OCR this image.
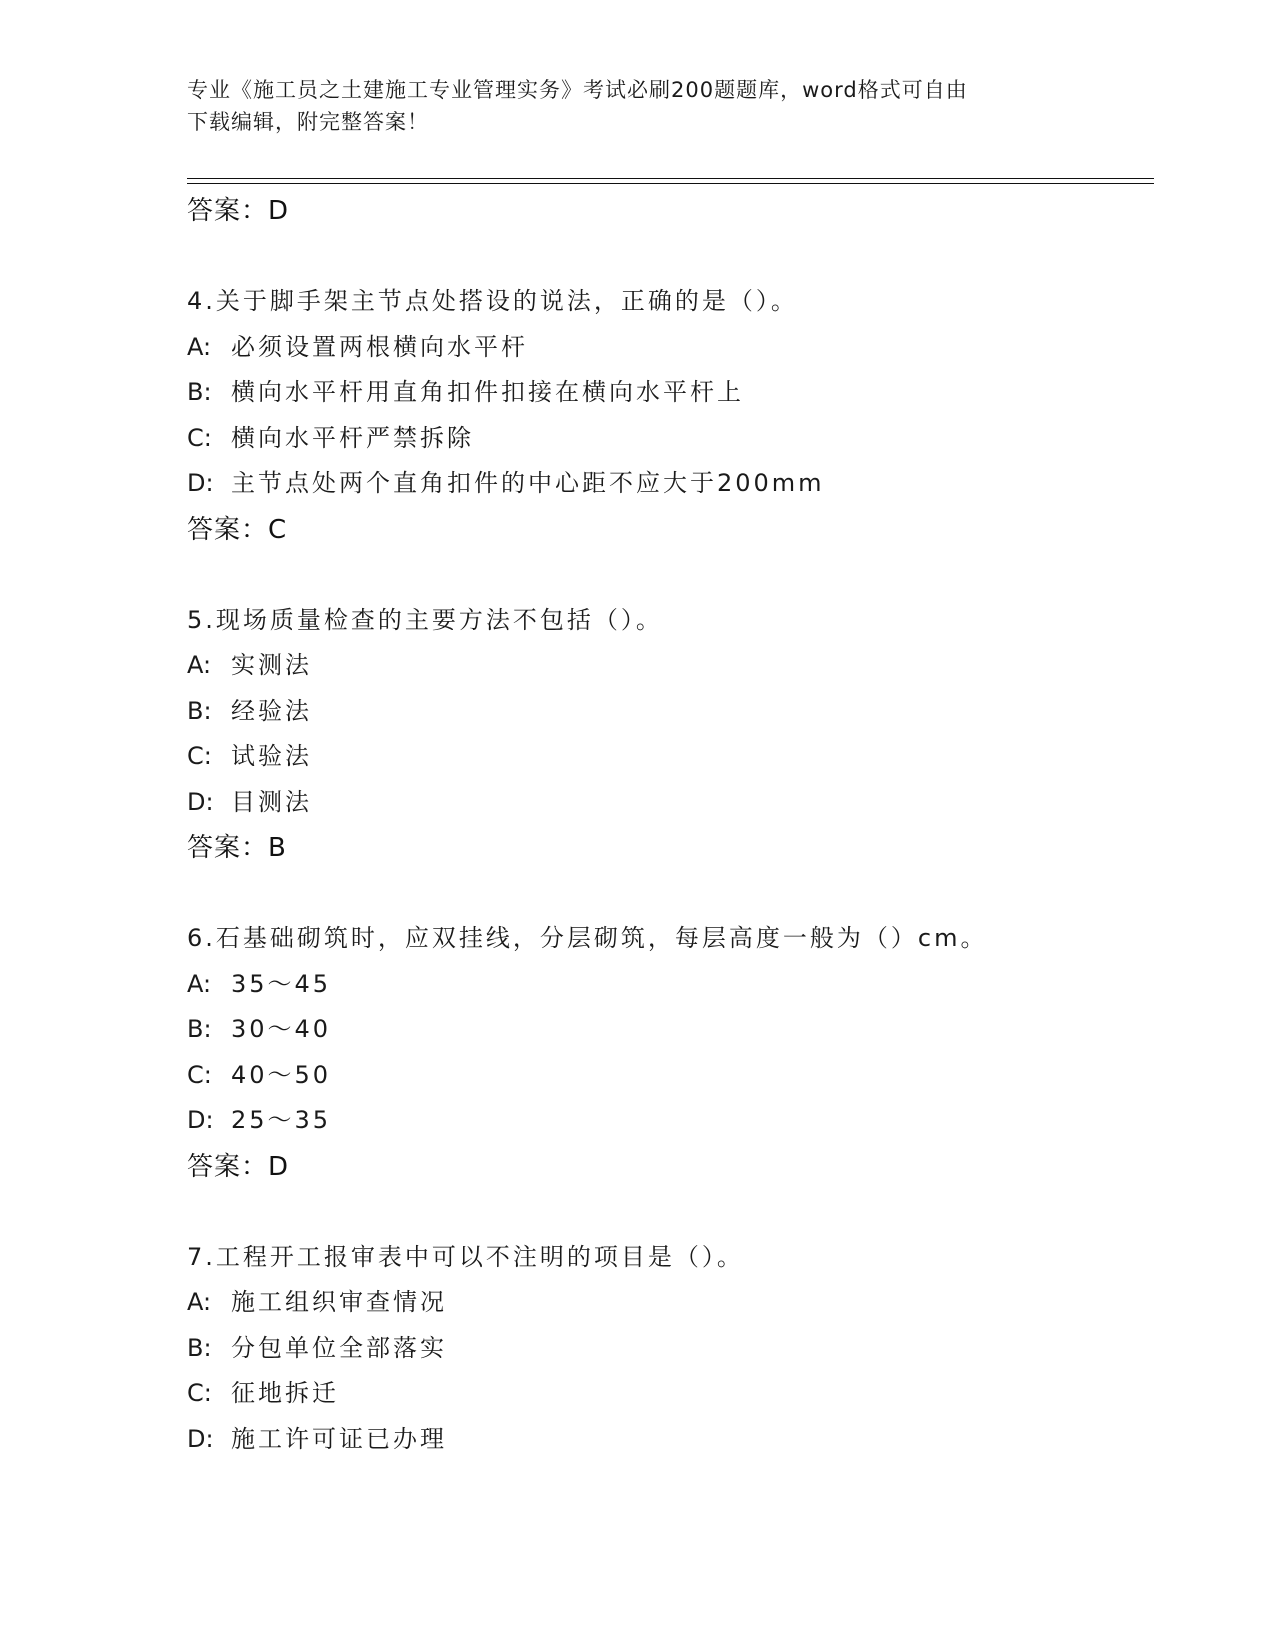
专业《施工员之土建施工专业管理实务》考试必刷200题题库，word格式可自由
下载编辑，附完整答案！
答案：D
4.关于脚手架主节点处搭设的说法，正确的是（）。
A: 必须设置两根横向水平杆
B: 横向水平杆用直角扣件扣接在横向水平杆上
C: 横向水平杆严禁拆除
D: 主节点处两个直角扣件的中心距不应大于200mm
答案：C
5.现场质量检查的主要方法不包括（）。
A: 实测法
B: 经验法
C: 试验法
D: 目测法
答案：B
6.石基础砌筑时，应双挂线，分层砌筑，每层高度一般为（）cm。
A: 35～45
B: 30～40
C: 40～50
D: 25～35
答案：D
7.工程开工报审表中可以不注明的项目是（）。
A: 施工组织审查情况
B: 分包单位全部落实
C: 征地拆迁
D: 施工许可证已办理
